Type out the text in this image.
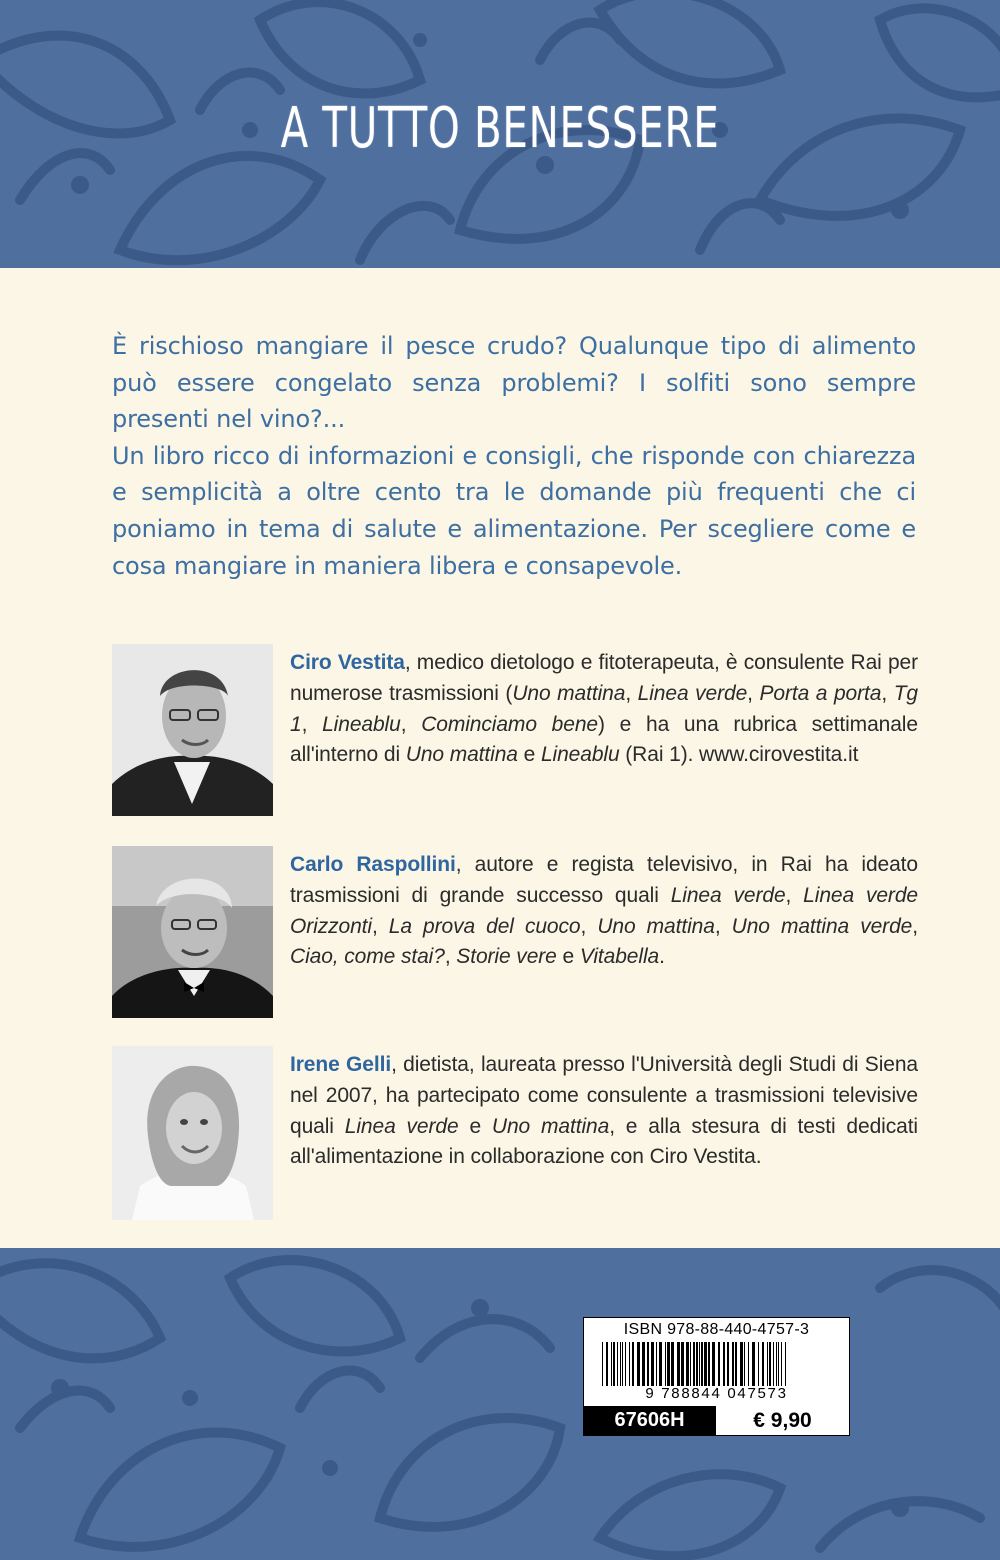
A TUTTO BENESSERE

È rischioso mangiare il pesce crudo? Qualunque tipo di alimento può essere congelato senza problemi? I solfiti sono sempre presenti nel vino?...

Un libro ricco di informazioni e consigli, che risponde con chiarezza e semplicità a oltre cento tra le domande più frequenti che ci poniamo in tema di salute e alimentazione. Per scegliere come e cosa mangiare in maniera libera e consapevole.

Ciro Vestita, medico dietologo e fitoterapeuta, è consulente Rai per numerose trasmissioni (Uno mattina, Linea verde, Porta a porta, Tg 1, Lineablu, Cominciamo bene) e ha una rubrica settimanale all'interno di Uno mattina e Lineablu (Rai 1). www.cirovestita.it
Carlo Raspollini, autore e regista televisivo, in Rai ha ideato trasmissioni di grande successo quali Linea verde, Linea verde Orizzonti, La prova del cuoco, Uno mattina, Uno mattina verde, Ciao, come stai?, Storie vere e Vitabella.
Irene Gelli, dietista, laureata presso l'Università degli Studi di Siena nel 2007, ha partecipato come consulente a trasmissioni televisive quali Linea verde e Uno mattina, e alla stesura di testi dedicati all'alimentazione in collaborazione con Ciro Vestita.
ISBN 978-88-440-4757-3
9 788844 047573
67606H	€ 9,90
